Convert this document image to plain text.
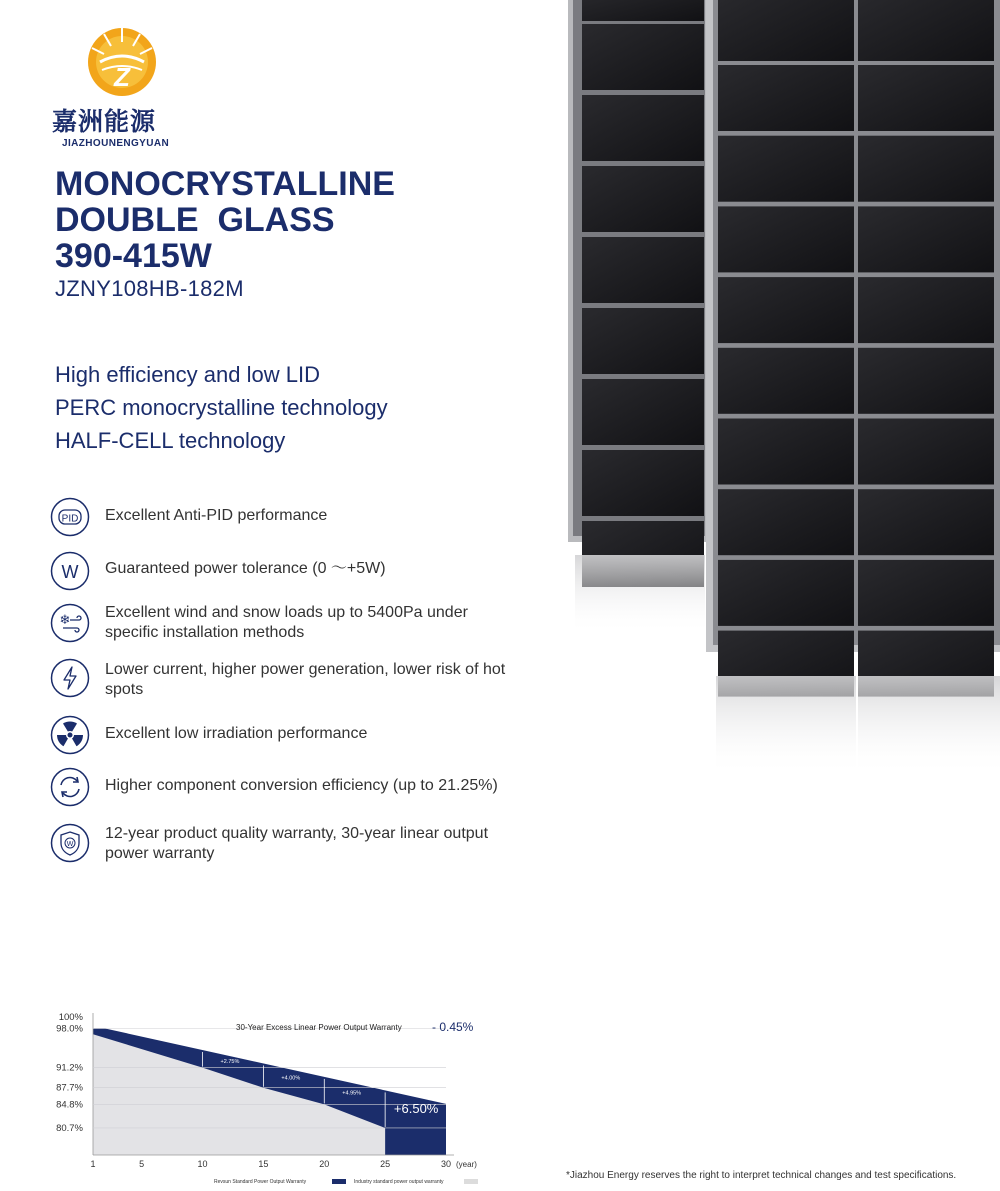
Z
嘉洲能源
JIAZHOUNENGYUAN
MONOCRYSTALLINE
DOUBLE  GLASS
390-415W
JZNY108HB-182M
High efficiency and low LID
PERC monocrystalline technology
HALF-CELL technology
PID Excellent Anti-PID performance
W Guaranteed power tolerance (0 ～+5W)
❄ Excellent wind and snow loads up to 5400Pa under specific installation methods
Lower current, higher power generation, lower risk of hot spots
Excellent low irradiation performance
Higher component conversion efficiency (up to 21.25%)
W
12-year product quality warranty, 30-year linear output power warranty
100%
98.0%
91.2%
87.7%
84.8%
80.7%
1	5	10	15	20	25	30 (year)
+2.75%
+4.00%
+4.95%
+6.50%
30-Year Excess Linear Power Output Warranty	- 0.45%
Revsun Standard Power Output Warranty	Industry standard power output warranty
*Jiazhou Energy reserves the right to interpret technical changes and test specifications.
